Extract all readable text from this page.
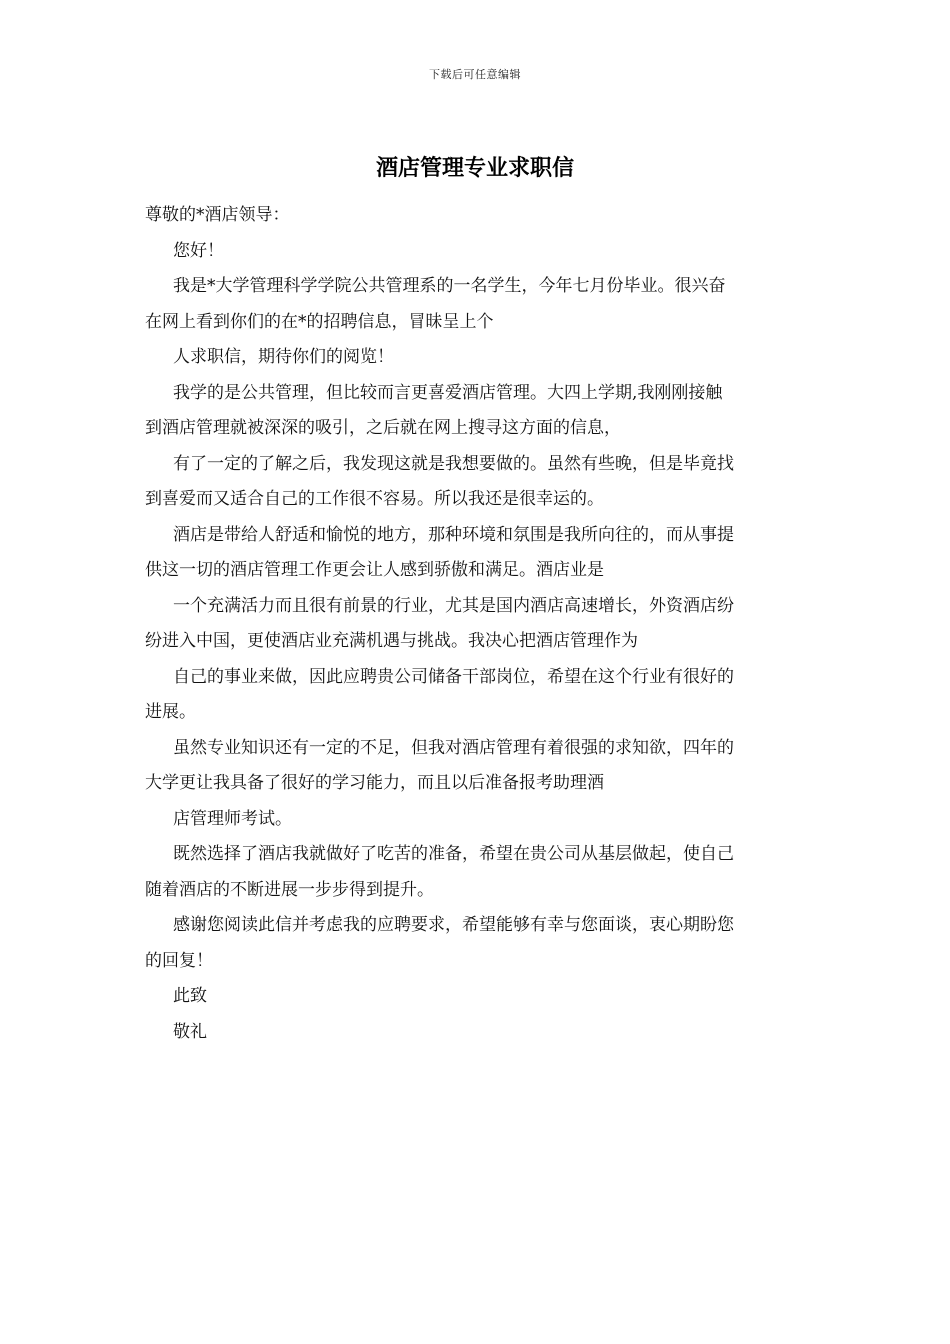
下载后可任意编辑
酒店管理专业求职信
尊敬的*酒店领导：
您好！
我是*大学管理科学学院公共管理系的一名学生，今年七月份毕业。很兴奋
在网上看到你们的在*的招聘信息，冒昧呈上个
人求职信，期待你们的阅览！
我学的是公共管理，但比较而言更喜爱酒店管理。大四上学期,我刚刚接触
到酒店管理就被深深的吸引，之后就在网上搜寻这方面的信息，
有了一定的了解之后，我发现这就是我想要做的。虽然有些晚，但是毕竟找
到喜爱而又适合自己的工作很不容易。所以我还是很幸运的。
酒店是带给人舒适和愉悦的地方，那种环境和氛围是我所向往的，而从事提
供这一切的酒店管理工作更会让人感到骄傲和满足。酒店业是
一个充满活力而且很有前景的行业，尤其是国内酒店高速增长，外资酒店纷
纷进入中国，更使酒店业充满机遇与挑战。我决心把酒店管理作为
自己的事业来做，因此应聘贵公司储备干部岗位，希望在这个行业有很好的
进展。
虽然专业知识还有一定的不足，但我对酒店管理有着很强的求知欲，四年的
大学更让我具备了很好的学习能力，而且以后准备报考助理酒
店管理师考试。
既然选择了酒店我就做好了吃苦的准备，希望在贵公司从基层做起，使自己
随着酒店的不断进展一步步得到提升。
感谢您阅读此信并考虑我的应聘要求，希望能够有幸与您面谈，衷心期盼您
的回复！
此致
敬礼
